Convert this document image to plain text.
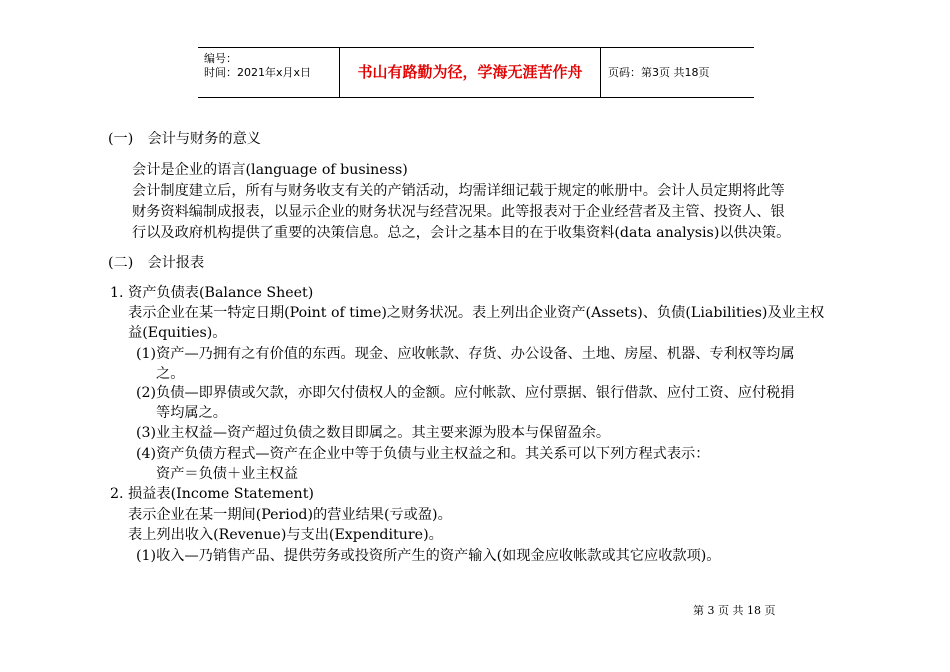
编号：
时间：2021年x月x日	书山有路勤为径，学海无涯苦作舟	页码：第3页 共18页
(一)　会计与财务的意义
会计是企业的语言(language of business)
会计制度建立后，所有与财务收支有关的产销活动，均需详细记载于规定的帐册中。会计人员定期将此等
财务资料编制成报表，以显示企业的财务状况与经营况果。此等报表对于企业经营者及主管、投资人、银
行以及政府机构提供了重要的决策信息。总之，会计之基本目的在于收集资料(data analysis)以供决策。
(二)　会计报表
1. 资产负债表(Balance Sheet)
表示企业在某一特定日期(Point of time)之财务状况。表上列出企业资产(Assets)、负债(Liabilities)及业主权
益(Equities)。
(1)资产—乃拥有之有价值的东西。现金、应收帐款、存货、办公设备、土地、房屋、机器、专利权等均属
之。
(2)负债—即界债或欠款，亦即欠付债权人的金额。应付帐款、应付票据、银行借款、应付工资、应付税捐
等均属之。
(3)业主权益—资产超过负债之数目即属之。其主要来源为股本与保留盈余。
(4)资产负债方程式—资产在企业中等于负债与业主权益之和。其关系可以下列方程式表示：
资产＝负债＋业主权益
2. 损益表(Income Statement)
表示企业在某一期间(Period)的营业结果(亏或盈)。
表上列出收入(Revenue)与支出(Expenditure)。
(1)收入—乃销售产品、提供劳务或投资所产生的资产输入(如现金应收帐款或其它应收款项)。
第 3 页 共 18 页
